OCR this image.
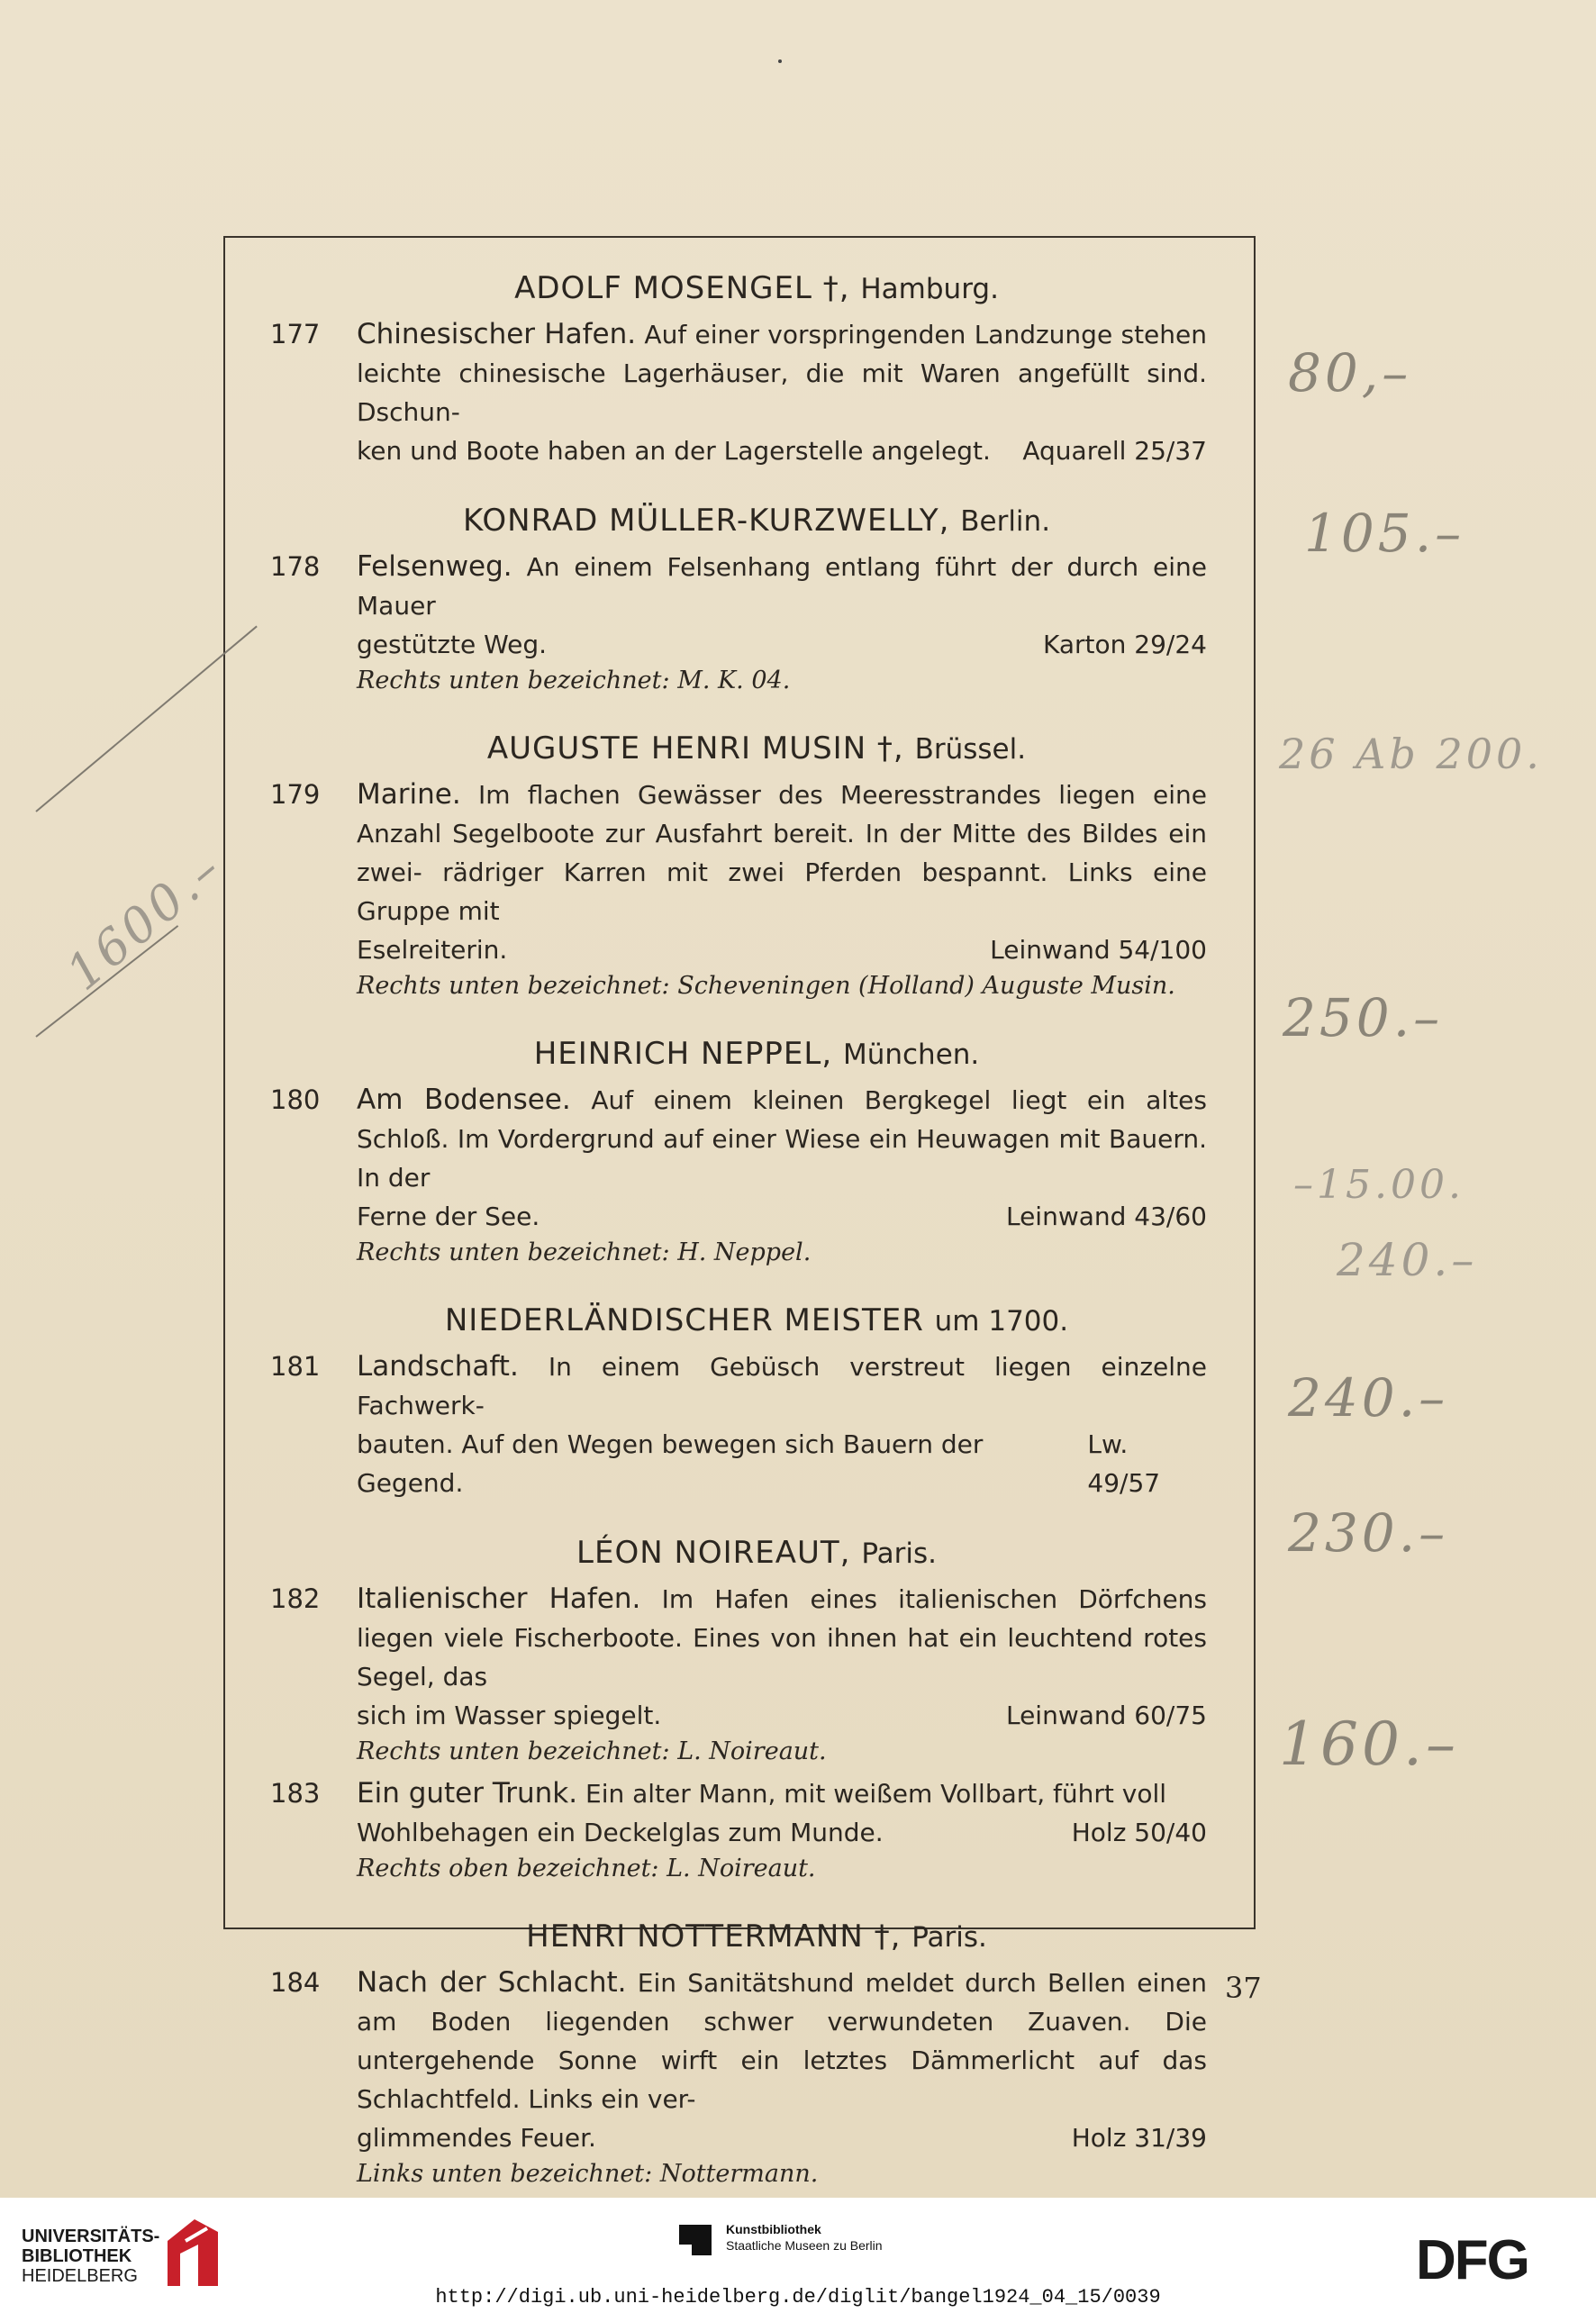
ADOLF MOSENGEL †, Hamburg.
177	Chinesischer Hafen. Auf einer vorspringenden Landzunge stehen leichte chinesische Lagerhäuser, die mit Waren angefüllt sind. Dschun-
ken und Boote haben an der Lagerstelle angelegt. Aquarell 25/37
KONRAD MÜLLER-KURZWELLY, Berlin.
178	Felsenweg. An einem Felsenhang entlang führt der durch eine Mauer
gestützte Weg.	Karton 29/24
Rechts unten bezeichnet: M. K. 04.
AUGUSTE HENRI MUSIN †, Brüssel.
179	Marine. Im flachen Gewässer des Meeresstrandes liegen eine Anzahl Segelboote zur Ausfahrt bereit. In der Mitte des Bildes ein zwei- rädriger Karren mit zwei Pferden bespannt. Links eine Gruppe mit
Eselreiterin.	Leinwand 54/100
Rechts unten bezeichnet: Scheveningen (Holland) Auguste Musin.
HEINRICH NEPPEL, München.
180	Am Bodensee. Auf einem kleinen Bergkegel liegt ein altes Schloß. Im Vordergrund auf einer Wiese ein Heuwagen mit Bauern. In der
Ferne der See.	Leinwand 43/60
Rechts unten bezeichnet: H. Neppel.
NIEDERLÄNDISCHER MEISTER um 1700.
181	Landschaft. In einem Gebüsch verstreut liegen einzelne Fachwerk-
bauten. Auf den Wegen bewegen sich Bauern der Gegend.
Lw. 49/57
LÉON NOIREAUT, Paris.
182	Italienischer Hafen. Im Hafen eines italienischen Dörfchens liegen viele Fischerboote. Eines von ihnen hat ein leuchtend rotes Segel, das
sich im Wasser spiegelt.	Leinwand 60/75
Rechts unten bezeichnet: L. Noireaut.
183	Ein guter Trunk. Ein alter Mann, mit weißem Vollbart, führt voll
Wohlbehagen ein Deckelglas zum Munde.	Holz 50/40
Rechts oben bezeichnet: L. Noireaut.
HENRI NOTTERMANN †, Paris.
184	Nach der Schlacht. Ein Sanitätshund meldet durch Bellen einen am Boden liegenden schwer verwundeten Zuaven. Die untergehende Sonne wirft ein letztes Dämmerlicht auf das Schlachtfeld. Links ein ver-
glimmendes Feuer.	Holz 31/39
Links unten bezeichnet: Nottermann.
37
80,–
105.–
26 Ab 200.
1600.–
250.–
–15.00.
240.–
240.–
230.–
160.–
UNIVERSITÄTS-
BIBLIOTHEK
HEIDELBERG
Kunstbibliothek
Staatliche Museen zu Berlin	DFG
http://digi.ub.uni-heidelberg.de/diglit/bangel1924_04_15/0039
